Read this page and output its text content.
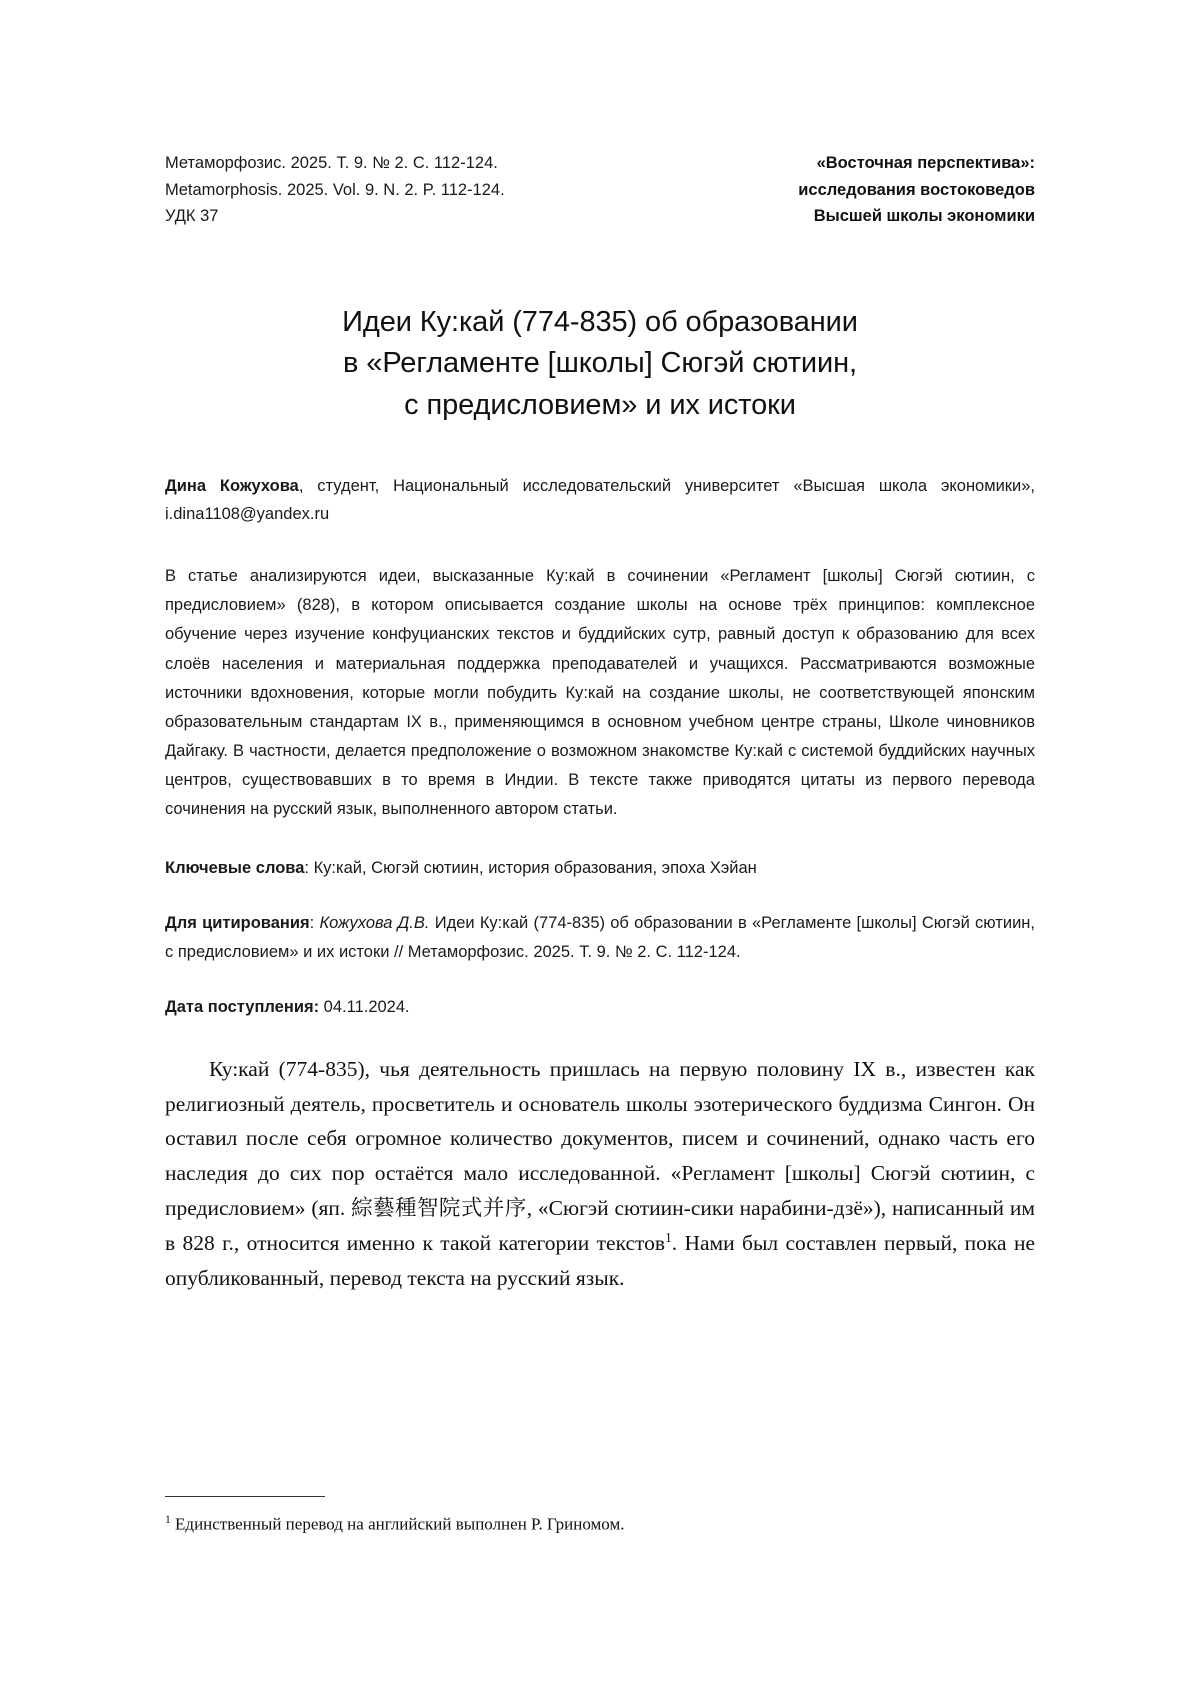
Метаморфозис. 2025. Т. 9. № 2. С. 112-124.
Metamorphosis. 2025. Vol. 9. N. 2. P. 112-124.
УДК 37
«Восточная перспектива»:
исследования востоковедов
Высшей школы экономики
Идеи Ку:кай (774-835) об образовании
в «Регламенте [школы] Сюгэй сютиин,
с предисловием» и их истоки
Дина Кожухова, студент, Национальный исследовательский университет «Высшая школа экономики», i.dina1108@yandex.ru
В статье анализируются идеи, высказанные Ку:кай в сочинении «Регламент [школы] Сюгэй сютиин, с предисловием» (828), в котором описывается создание школы на основе трёх принципов: комплексное обучение через изучение конфуцианских текстов и буддийских сутр, равный доступ к образованию для всех слоёв населения и материальная поддержка преподавателей и учащихся. Рассматриваются возможные источники вдохновения, которые могли побудить Ку:кай на создание школы, не соответствующей японским образовательным стандартам IX в., применяющимся в основном учебном центре страны, Школе чиновников Дайгаку. В частности, делается предположение о возможном знакомстве Ку:кай с системой буддийских научных центров, существовавших в то время в Индии. В тексте также приводятся цитаты из первого перевода сочинения на русский язык, выполненного автором статьи.
Ключевые слова: Ку:кай, Сюгэй сютиин, история образования, эпоха Хэйан
Для цитирования: Кожухова Д.В. Идеи Ку:кай (774-835) об образовании в «Регламенте [школы] Сюгэй сютиин, с предисловием» и их истоки // Метаморфозис. 2025. Т. 9. № 2. С. 112-124.
Дата поступления: 04.11.2024.
Ку:кай (774-835), чья деятельность пришлась на первую половину IX в., известен как религиозный деятель, просветитель и основатель школы эзотерического буддизма Сингон. Он оставил после себя огромное количество документов, писем и сочинений, однако часть его наследия до сих пор остаётся мало исследованной. «Регламент [школы] Сюгэй сютиин, с предисловием» (яп. 綜藝種智院式并序, «Сюгэй сютиин-сики нарабини-дзё»), написанный им в 828 г., относится именно к такой категории текстов$^1$. Нами был составлен первый, пока не опубликованный, перевод текста на русский язык.
$^1$ Единственный перевод на английский выполнен Р. Гриномом.
